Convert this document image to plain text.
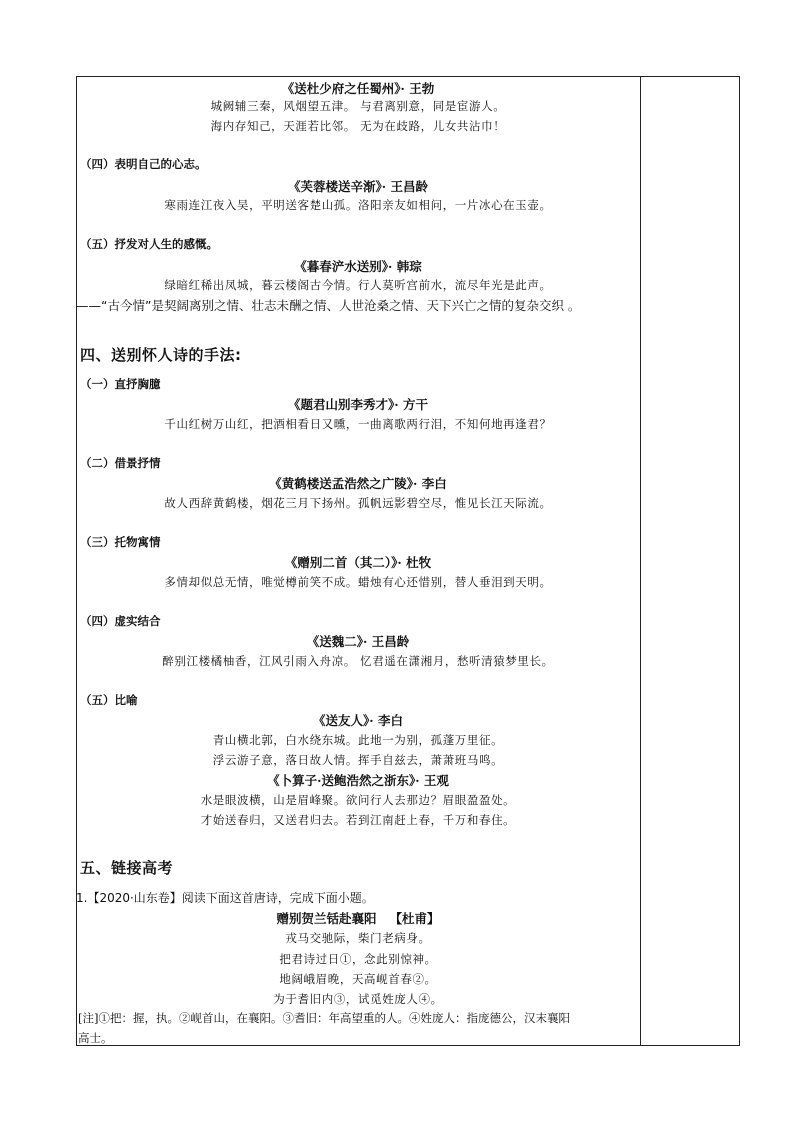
《送杜少府之任蜀州》· 王勃
城阙辅三秦，风烟望五津。 与君离别意，同是宦游人。
海内存知己，天涯若比邻。 无为在歧路，儿女共沾巾！
（四）表明自己的心志。
《芙蓉楼送辛渐》· 王昌龄
寒雨连江夜入吴，平明送客楚山孤。洛阳亲友如相问，一片冰心在玉壶。
（五）抒发对人生的感慨。
《暮春浐水送别》· 韩琮
绿暗红稀出凤城，暮云楼阁古今情。行人莫听宫前水，流尽年光是此声。
——“古今情”是契阔离别之情、壮志未酬之情、人世沧桑之情、天下兴亡之情的复杂交织 。
四、送别怀人诗的手法:
（一）直抒胸臆
《题君山别李秀才》· 方干
千山红树万山红，把酒相看日又曛，一曲离歌两行泪，不知何地再逢君？
（二）借景抒情
《黄鹤楼送孟浩然之广陵》· 李白
故人西辞黄鹤楼，烟花三月下扬州。孤帆远影碧空尽，惟见长江天际流。
（三）托物寓情
《赠别二首（其二）》· 杜牧
多情却似总无情，唯觉樽前笑不成。蜡烛有心还惜别，替人垂泪到天明。
（四）虚实结合
《送魏二》· 王昌龄
醉别江楼橘柚香，江风引雨入舟凉。 忆君遥在潇湘月，愁听清猿梦里长。
（五）比喻
《送友人》· 李白
青山横北郭，白水绕东城。此地一为别，孤蓬万里征。
浮云游子意，落日故人情。挥手自兹去，萧萧班马鸣。
《卜算子·送鲍浩然之浙东》· 王观
水是眼波横，山是眉峰聚。欲问行人去那边？眉眼盈盈处。
才始送春归，又送君归去。若到江南赶上春，千万和春住。
五、链接高考
1.【2020·山东卷】阅读下面这首唐诗，完成下面小题。
赠别贺兰铦赴襄阳 【杜甫】
戎马交驰际，柴门老病身。
把君诗过日①，念此别惊神。
地阔峨眉晚，天高岘首春②。
为于耆旧内③，试觅姓庞人④。
[注]①把：握，执。②岘首山，在襄阳。③耆旧：年高望重的人。④姓庞人：指庞德公，汉末襄阳
高士。
